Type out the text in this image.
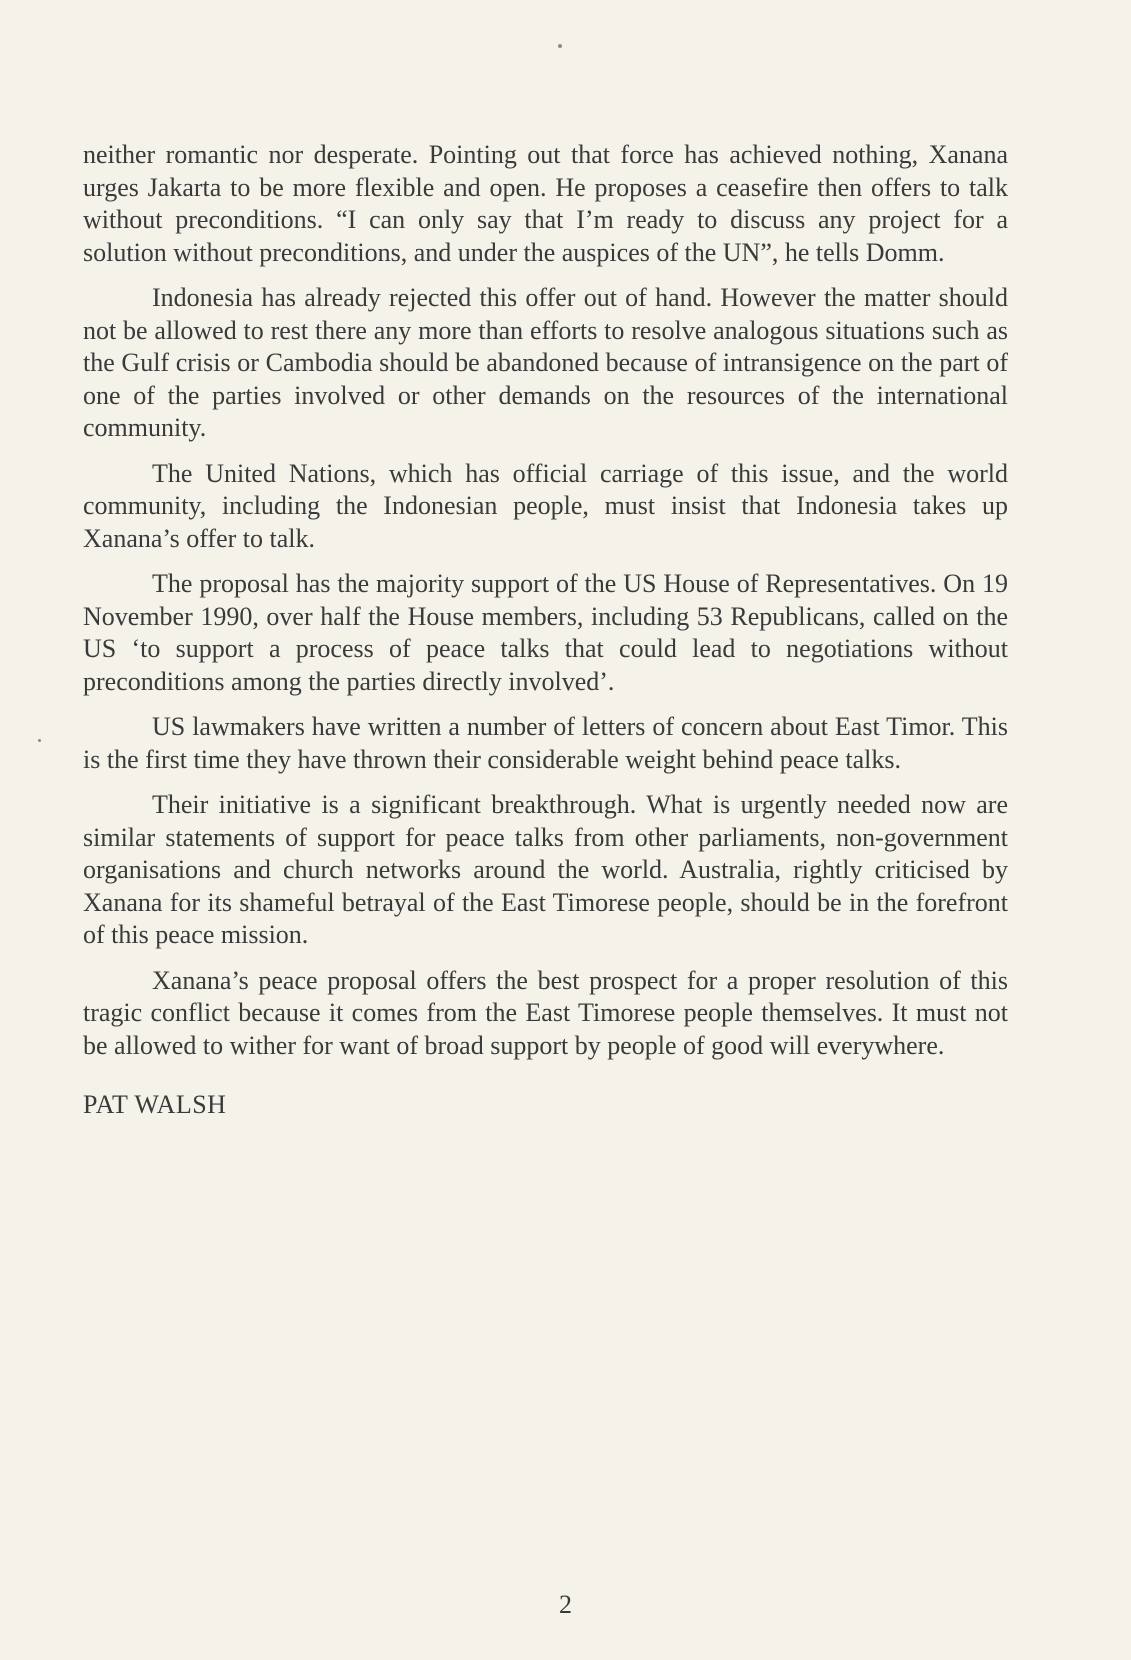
neither romantic nor desperate. Pointing out that force has achieved nothing, Xanana urges Jakarta to be more flexible and open. He proposes a ceasefire then offers to talk without preconditions. “I can only say that I’m ready to discuss any project for a solution without preconditions, and under the auspices of the UN”, he tells Domm.

Indonesia has already rejected this offer out of hand. However the matter should not be allowed to rest there any more than efforts to resolve analogous situations such as the Gulf crisis or Cambodia should be abandoned because of intransigence on the part of one of the parties involved or other demands on the resources of the international community.

The United Nations, which has official carriage of this issue, and the world community, including the Indonesian people, must insist that Indonesia takes up Xanana’s offer to talk.

The proposal has the majority support of the US House of Representatives. On 19 November 1990, over half the House members, including 53 Republicans, called on the US ‘to support a process of peace talks that could lead to negotiations without preconditions among the parties directly involved’.

US lawmakers have written a number of letters of concern about East Timor. This is the first time they have thrown their considerable weight behind peace talks.

Their initiative is a significant breakthrough. What is urgently needed now are similar statements of support for peace talks from other parliaments, non-government organisations and church networks around the world. Australia, rightly criticised by Xanana for its shameful betrayal of the East Timorese people, should be in the forefront of this peace mission.

Xanana’s peace proposal offers the best prospect for a proper resolution of this tragic conflict because it comes from the East Timorese people themselves. It must not be allowed to wither for want of broad support by people of good will everywhere.

PAT WALSH
2
